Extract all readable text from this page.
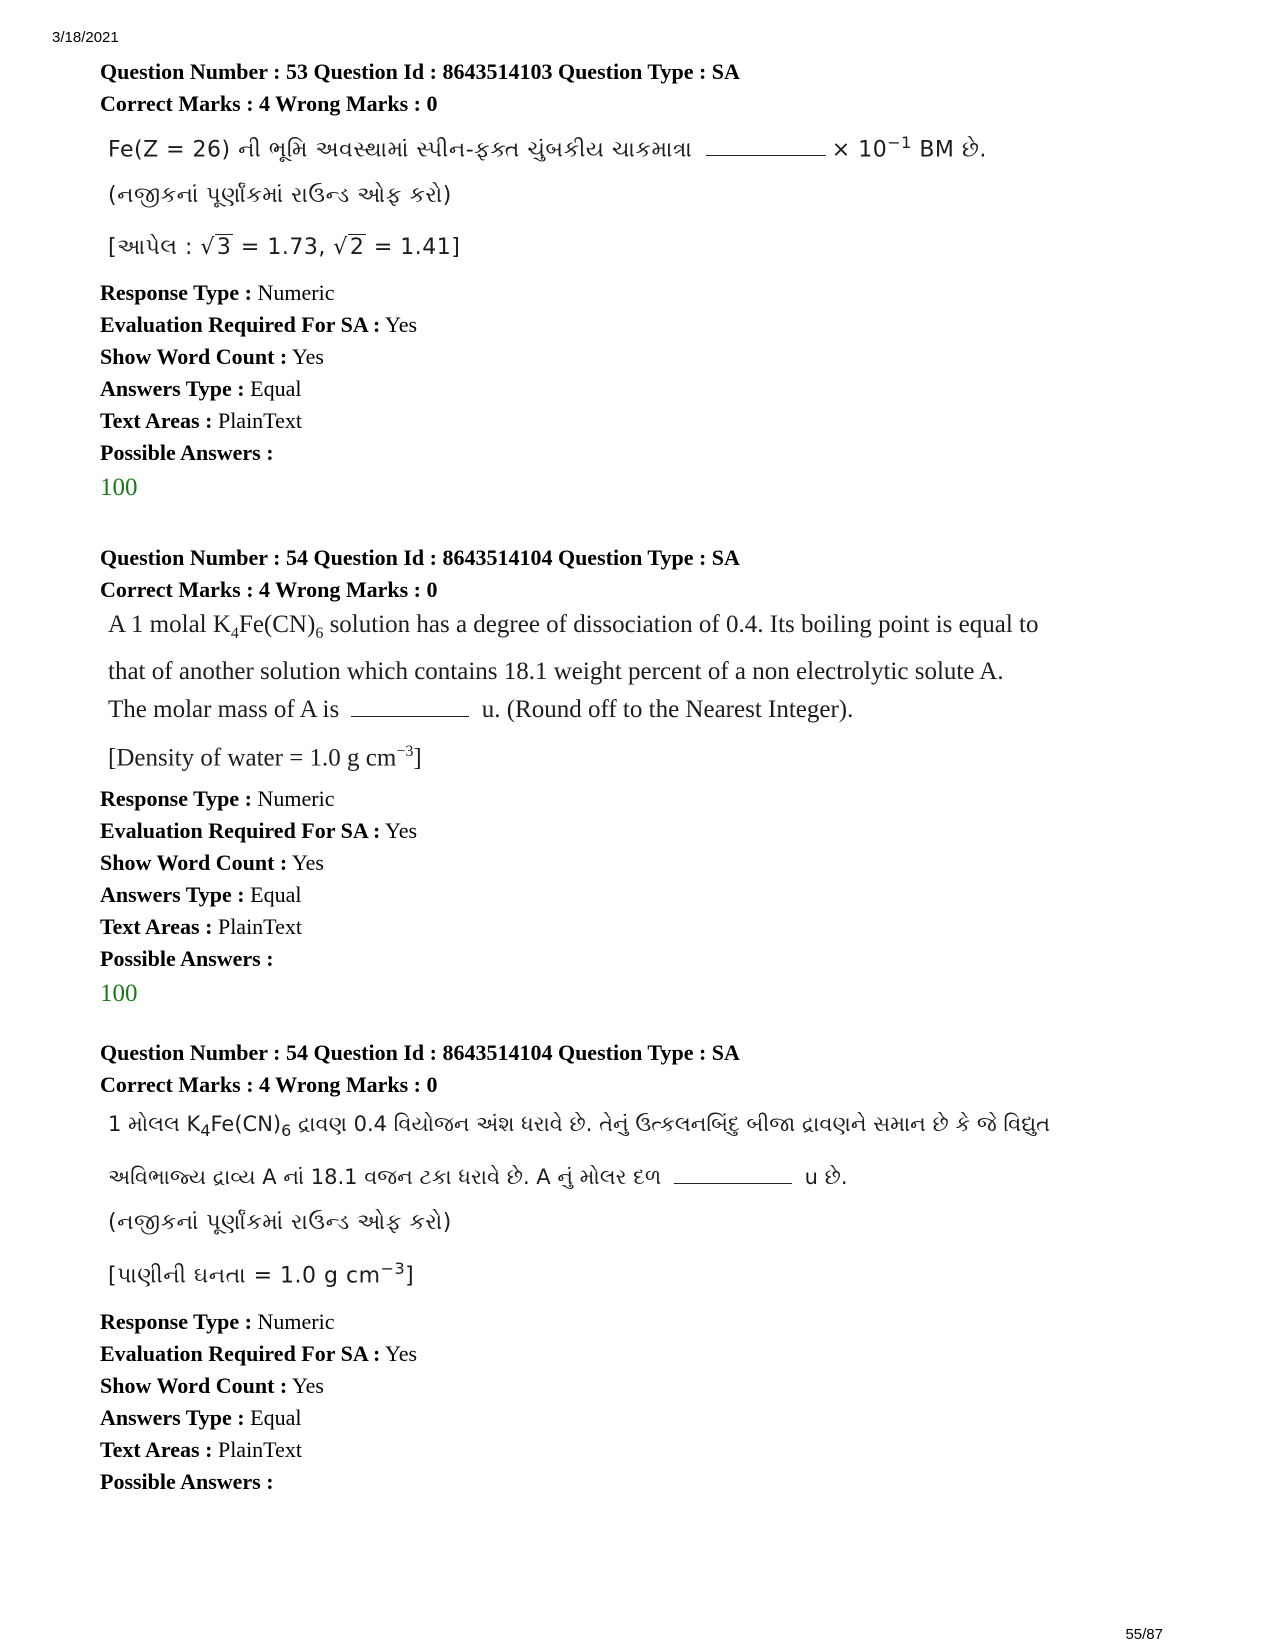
3/18/2021
Question Number : 53 Question Id : 8643514103 Question Type : SA
Correct Marks : 4 Wrong Marks : 0
Fe(Z = 26) ની ભૂમિ અવસ્થામાં સ્પીન-ફક્ત ચુંબકીય ચાકમાત્રા	× $10^{-1}$ BM છે.
(નજીકનાં પૂર્ણાંકમાં રાઉન્ડ ઓફ કરો)
[આપેલ : √3 = 1.73, √2 = 1.41]
Response Type : Numeric
Evaluation Required For SA : Yes
Show Word Count : Yes
Answers Type : Equal
Text Areas : PlainText
Possible Answers :
100
Question Number : 54 Question Id : 8643514104 Question Type : SA
Correct Marks : 4 Wrong Marks : 0
A 1 molal $K_4Fe(CN)_6$ solution has a degree of dissociation of 0.4. Its boiling point is equal to
that of another solution which contains 18.1 weight percent of a non electrolytic solute A.
The molar mass of A is	u. (Round off to the Nearest Integer).
[Density of water = 1.0 g $cm^{-3}$]
Response Type : Numeric
Evaluation Required For SA : Yes
Show Word Count : Yes
Answers Type : Equal
Text Areas : PlainText
Possible Answers :
100
Question Number : 54 Question Id : 8643514104 Question Type : SA
Correct Marks : 4 Wrong Marks : 0
1 મોલલ $K_4Fe(CN)_6$ દ્રાવણ 0.4 વિયોજન અંશ ધરાવે છે. તેનું ઉત્કલનબિંદુ બીજા દ્રાવણને સમાન છે કે જે વિદ્યુત
અવિભાજ્ય દ્રાવ્ય A નાં 18.1 વજન ટકા ધરાવે છે. A નું મોલર દળ	u છે.
(નજીકનાં પૂર્ણાંકમાં રાઉન્ડ ઓફ કરો)
[પાણીની ઘનતા = 1.0 g $cm^{-3}$]
Response Type : Numeric
Evaluation Required For SA : Yes
Show Word Count : Yes
Answers Type : Equal
Text Areas : PlainText
Possible Answers :
55/87
